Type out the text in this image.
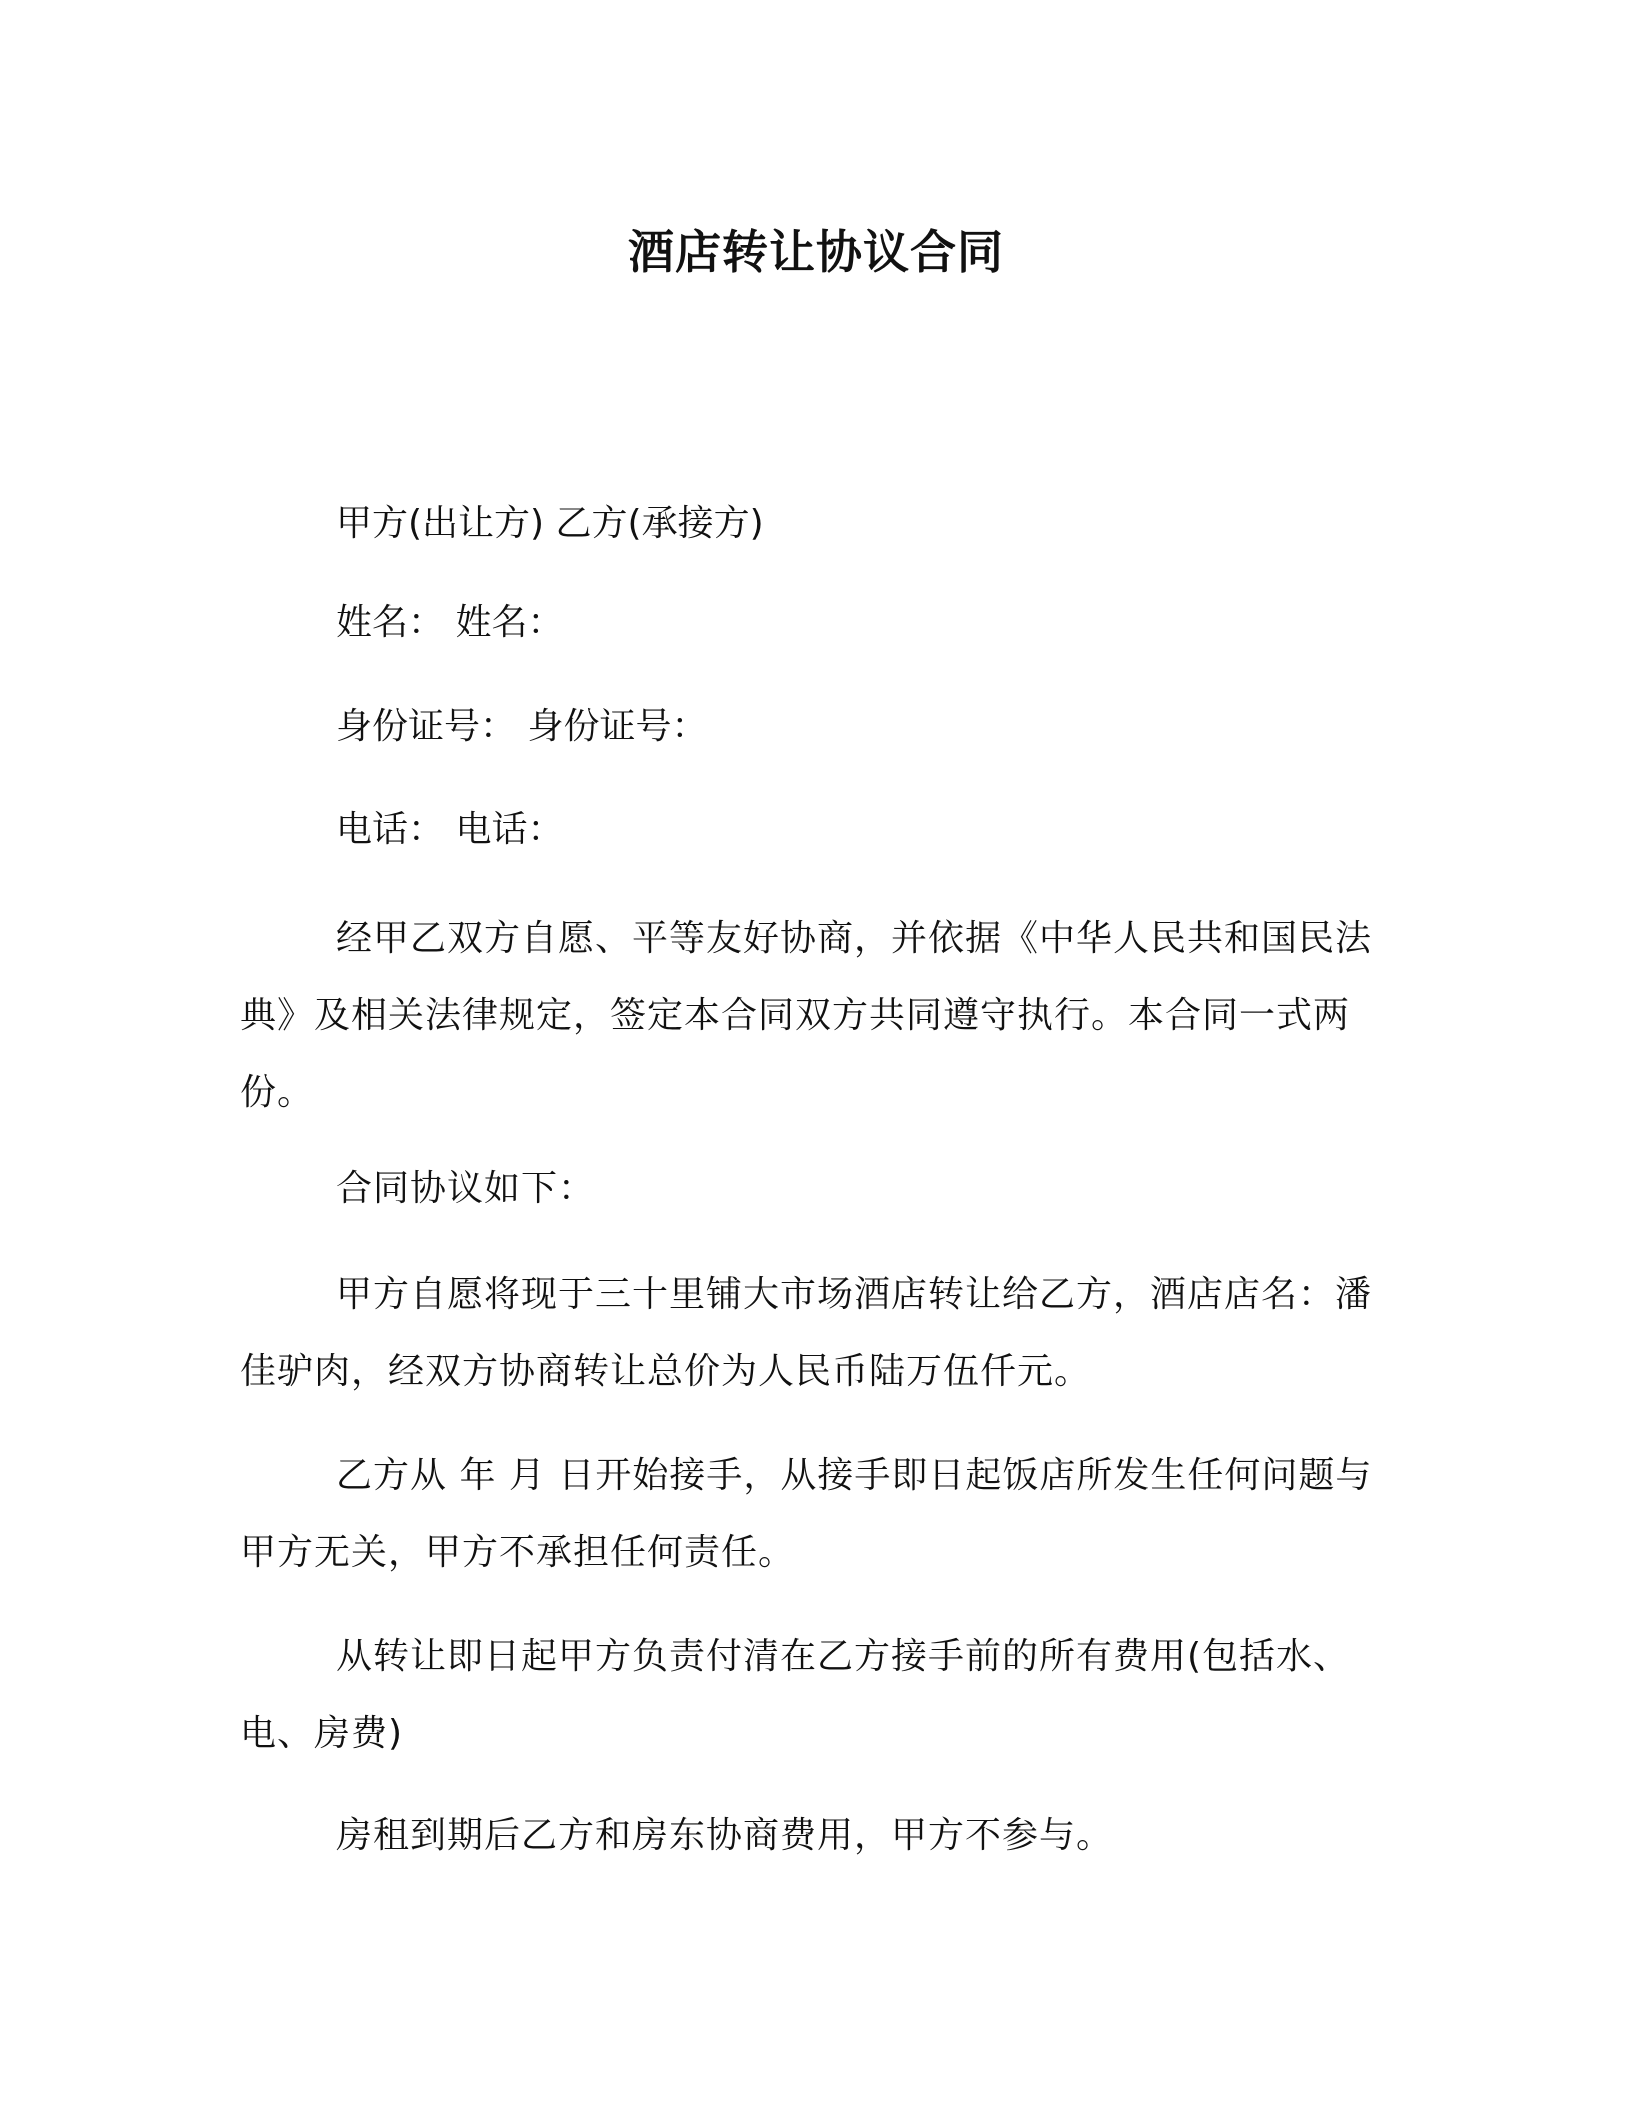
酒店转让协议合同

甲方(出让方) 乙方(承接方)

姓名： 姓名：

身份证号： 身份证号：

电话： 电话：

经甲乙双方自愿、平等友好协商，并依据《中华人民共和国民法典》及相关法律规定，签定本合同双方共同遵守执行。本合同一式两份。

合同协议如下：

甲方自愿将现于三十里铺大市场酒店转让给乙方，酒店店名：潘佳驴肉，经双方协商转让总价为人民币陆万伍仟元。

乙方从 年 月 日开始接手，从接手即日起饭店所发生任何问题与甲方无关，甲方不承担任何责任。

从转让即日起甲方负责付清在乙方接手前的所有费用(包括水、电、房费)

房租到期后乙方和房东协商费用，甲方不参与。
